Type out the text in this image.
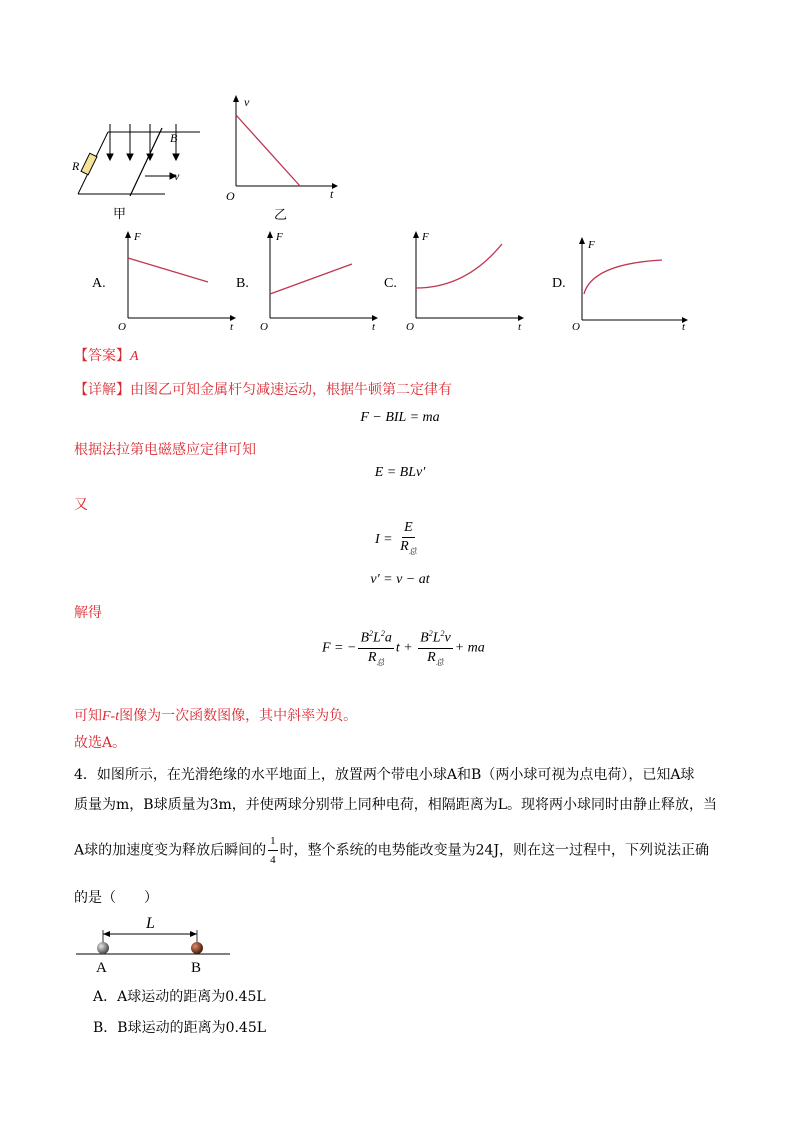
B
R
v
甲
v
t
O
乙
A.
F
t
O
B.
F
t
O
C.
F
t
O
D.
F
t
O
【答案】A
【详解】由图乙可知金属杆匀减速运动，根据牛顿第二定律有
F − BIL = ma
根据法拉第电磁感应定律可知
E = BLv′
又
$I = \frac{E}{R_总}$
v′ = v − at
解得
F = − $\frac{B^2L^2a}{R_总}$ $t + \frac{B^2L^2v}{R_总}$ + ma
可知F-t图像为一次函数图像，其中斜率为负。
故选A。
4．如图所示，在光滑绝缘的水平地面上，放置两个带电小球A和B（两小球可视为点电荷），已知A球
质量为m，B球质量为3m，并使两球分别带上同种电荷，相隔距离为L。现将两小球同时由静止释放，当
A球的加速度变为释放后瞬间的 $\frac{1}{4}$ 时，整个系统的电势能改变量为24J，则在这一过程中，下列说法正确
的是（　　）
L
A	B
A．A球运动的距离为0.45L
B．B球运动的距离为0.45L
